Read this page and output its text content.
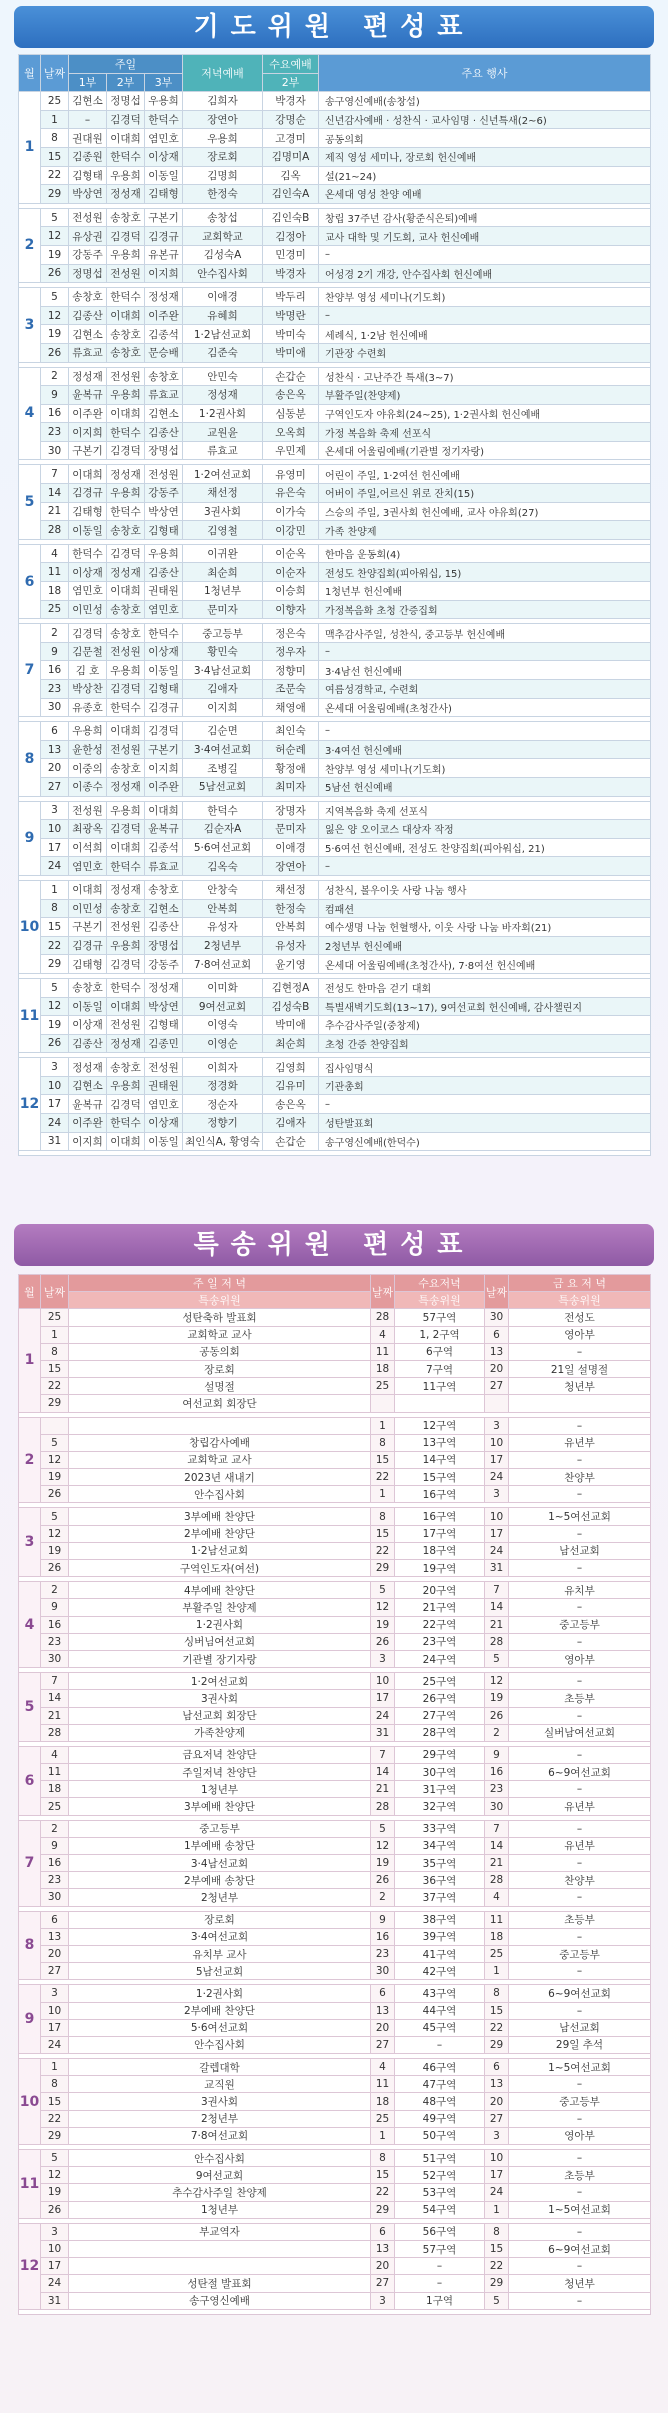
기도위원 편성표
월	날짜	주일			저녁예배	수요예배	주요 행사
		1부	2부	3부		2부	
1	25	김현소	정명섭	우용희	김희자	박경자	송구영신예배(송창섭)
	1	–	김경덕	한덕수	장연아	강명순	신년감사예배 · 성찬식 · 교사임명 · 신년특새(2~6)
	8	권대원	이대희	염민호	우용희	고경미	공동의회
	15	김종원	한덕수	이상재	장로회	김명미A	제직 영성 세미나, 장로회 헌신예배
	22	김형태	우용희	이동일	김명희	김옥	설(21~24)
	29	박상연	정성재	김태형	한정숙	김인숙A	온세대 영성 찬양 예배

2	5	전성원	송창호	구본기	송창섭	김인숙B	창립 37주년 감사(황준식은퇴)예배
	12	유상권	김경덕	김경규	교회학교	김정아	교사 대학 및 기도회, 교사 헌신예배
	19	강동주	우용희	유본규	김성숙A	민경미	–
	26	정명섭	전성원	이지희	안수집사회	박경자	어성경 2기 개강, 안수집사회 헌신예배

3	5	송창호	한덕수	정성재	이애경	박두리	찬양부 영성 세미나(기도회)
	12	김종산	이대희	이주완	유혜희	박명란	–
	19	김현소	송창호	김종석	1·2남선교회	박미숙	세례식, 1·2남 헌신예배
	26	류효교	송창호	문승배	김준숙	박미애	기관장 수련회

4	2	정성재	전성원	송창호	안민숙	손갑순	성찬식 · 고난주간 특새(3~7)
	9	윤복규	우용희	류효교	정성재	송은옥	부활주일(찬양제)
	16	이주완	이대희	김현소	1·2권사회	심동분	구역인도자 야유회(24~25), 1·2권사회 헌신예배
	23	이지희	한덕수	김종산	교원윤	오옥희	가정 복음화 축제 선포식
	30	구본기	김경덕	장명섭	류효교	우민제	온세대 어울림예배(기관별 정기자랑)

5	7	이대희	정성재	전성원	1·2여선교회	유영미	어린이 주일, 1·2여선 헌신예배
	14	김경규	우용희	강동주	채선정	유은숙	어버이 주일,어르신 위로 잔치(15)
	21	김태형	한덕수	박상연	3권사회	이가숙	스승의 주일, 3권사회 헌신예배, 교사 야유회(27)
	28	이동일	송창호	김형태	김영철	이강민	가족 찬양제

6	4	한덕수	김경덕	우용희	이귀완	이순옥	한마음 운동회(4)
	11	이상재	정성재	김종산	최순희	이순자	전성도 찬양집회(피아워십, 15)
	18	염민호	이대희	권태원	1청년부	이승희	1청년부 헌신예배
	25	이민성	송창호	염민호	문미자	이향자	가정복음화 초청 간증집회

7	2	김경덕	송창호	한덕수	중고등부	정은숙	맥추감사주일, 성찬식, 중고등부 헌신예배
	9	김문철	전성원	이상재	황민숙	정우자	–
	16	김 호	우용희	이동일	3·4남선교회	정향미	3·4남선 헌신예배
	23	박상찬	김경덕	김형태	김애자	조문숙	여름성경학교, 수련회
	30	유종호	한덕수	김경규	이지희	채영애	온세대 어울림예배(초청간사)

8	6	우용희	이대희	김경덕	김순면	최인숙	–
	13	윤한성	전성원	구본기	3·4여선교회	허순례	3·4여선 헌신예배
	20	이중의	송창호	이지희	조병길	황정애	찬양부 영성 세미나(기도회)
	27	이종수	정성재	이주완	5남선교회	최미자	5남선 헌신예배

9	3	전성원	우용희	이대희	한덕수	장명자	지역복음화 축제 선포식
	10	최광옥	김경덕	윤복규	김순자A	문미자	잃은 양 오이코스 대상자 작정
	17	이석희	이대희	김종석	5·6여선교회	이애경	5·6여선 헌신예배, 전성도 찬양집회(피아워십, 21)
	24	염민호	한덕수	류효교	김옥숙	장연아	–

10	1	이대희	정성재	송창호	안창숙	채선정	성찬식, 볼우이웃 사랑 나눔 행사
	8	이민성	송창호	김현소	안복희	한정숙	컴패션
	15	구본기	전성원	김종산	유성자	안복희	예수생명 나눔 헌혈행사, 이웃 사랑 나눔 바자회(21)
	22	김경규	우용희	장명섭	2청년부	유성자	2청년부 헌신예배
	29	김태형	김경덕	강동주	7·8여선교회	윤기영	온세대 어울림예배(초청간사), 7·8여선 헌신예배

11	5	송창호	한덕수	정성재	이미화	김현정A	전성도 한마음 걷기 대회
	12	이동일	이대희	박상연	9여선교회	김성숙B	특별새벽기도회(13~17), 9여선교회 헌신예배, 감사챌린지
	19	이상재	전성원	김형태	이영숙	박미애	추수감사주일(중창제)
	26	김종산	정성재	김종민	이영순	최순희	초청 간증 찬양집회

12	3	정성재	송창호	전성원	이희자	김영희	집사임명식
	10	김현소	우용희	권태원	정경화	김유미	기관총회
	17	윤복규	김경덕	염민호	정순자	송은옥	–
	24	이주완	한덕수	이상재	정향기	김애자	성탄발표회
	31	이지희	이대희	이동일	최인식A, 황영숙	손갑순	송구영신예배(한덕수)

특송위원 편성표
월	날짜	주 일 저 녁	날짜	수요저녁	날짜	금 요 저 녁
		특송위원		특송위원		특송위원
1	25	성탄축하 발표회	28	57구역	30	전성도
	1	교회학교 교사	4	1, 2구역	6	영아부
	8	공동의회	11	6구역	13	–
	15	장로회	18	7구역	20	21일 설명절
	22	설명절	25	11구역	27	청년부
	29	여선교회 회장단				

2			1	12구역	3	–
	5	창립감사예배	8	13구역	10	유년부
	12	교회학교 교사	15	14구역	17	–
	19	2023년 새내기	22	15구역	24	찬양부
	26	안수집사회	1	16구역	3	–

3	5	3부예배 찬양단	8	16구역	10	1~5여선교회
	12	2부예배 찬양단	15	17구역	17	–
	19	1·2남선교회	22	18구역	24	남선교회
	26	구역인도자(여선)	29	19구역	31	–

4	2	4부예배 찬양단	5	20구역	7	유치부
	9	부활주일 찬양제	12	21구역	14	–
	16	1·2권사회	19	22구역	21	중고등부
	23	싱버님여선교회	26	23구역	28	–
	30	기관별 장기자랑	3	24구역	5	영아부

5	7	1·2여선교회	10	25구역	12	–
	14	3권사회	17	26구역	19	초등부
	21	남선교회 회장단	24	27구역	26	–
	28	가족찬양제	31	28구역	2	실버남여선교회

6	4	금요저녁 찬양단	7	29구역	9	–
	11	주일저녁 찬양단	14	30구역	16	6~9여선교회
	18	1청년부	21	31구역	23	–
	25	3부예배 찬양단	28	32구역	30	유년부

7	2	중고등부	5	33구역	7	–
	9	1부예배 송창단	12	34구역	14	유년부
	16	3·4남선교회	19	35구역	21	–
	23	2부예배 송창단	26	36구역	28	찬양부
	30	2청년부	2	37구역	4	–

8	6	장로회	9	38구역	11	초등부
	13	3·4여선교회	16	39구역	18	–
	20	유치부 교사	23	41구역	25	중고등부
	27	5남선교회	30	42구역	1	–

9	3	1·2권사회	6	43구역	8	6~9여선교회
	10	2부예배 찬양단	13	44구역	15	–
	17	5·6여선교회	20	45구역	22	남선교회
	24	안수집사회	27	–	29	29일 추석

10	1	갈렙대학	4	46구역	6	1~5여선교회
	8	교직원	11	47구역	13	–
	15	3권사회	18	48구역	20	중고등부
	22	2청년부	25	49구역	27	–
	29	7·8여선교회	1	50구역	3	영아부

11	5	안수집사회	8	51구역	10	–
	12	9여선교회	15	52구역	17	초등부
	19	추수감사주일 찬양제	22	53구역	24	–
	26	1청년부	29	54구역	1	1~5여선교회

12	3	부교역자	6	56구역	8	–
	10		13	57구역	15	6~9여선교회
	17		20	–	22	–
	24	성탄절 발표회	27	–	29	청년부
	31	송구영신예배	3	1구역	5	–
